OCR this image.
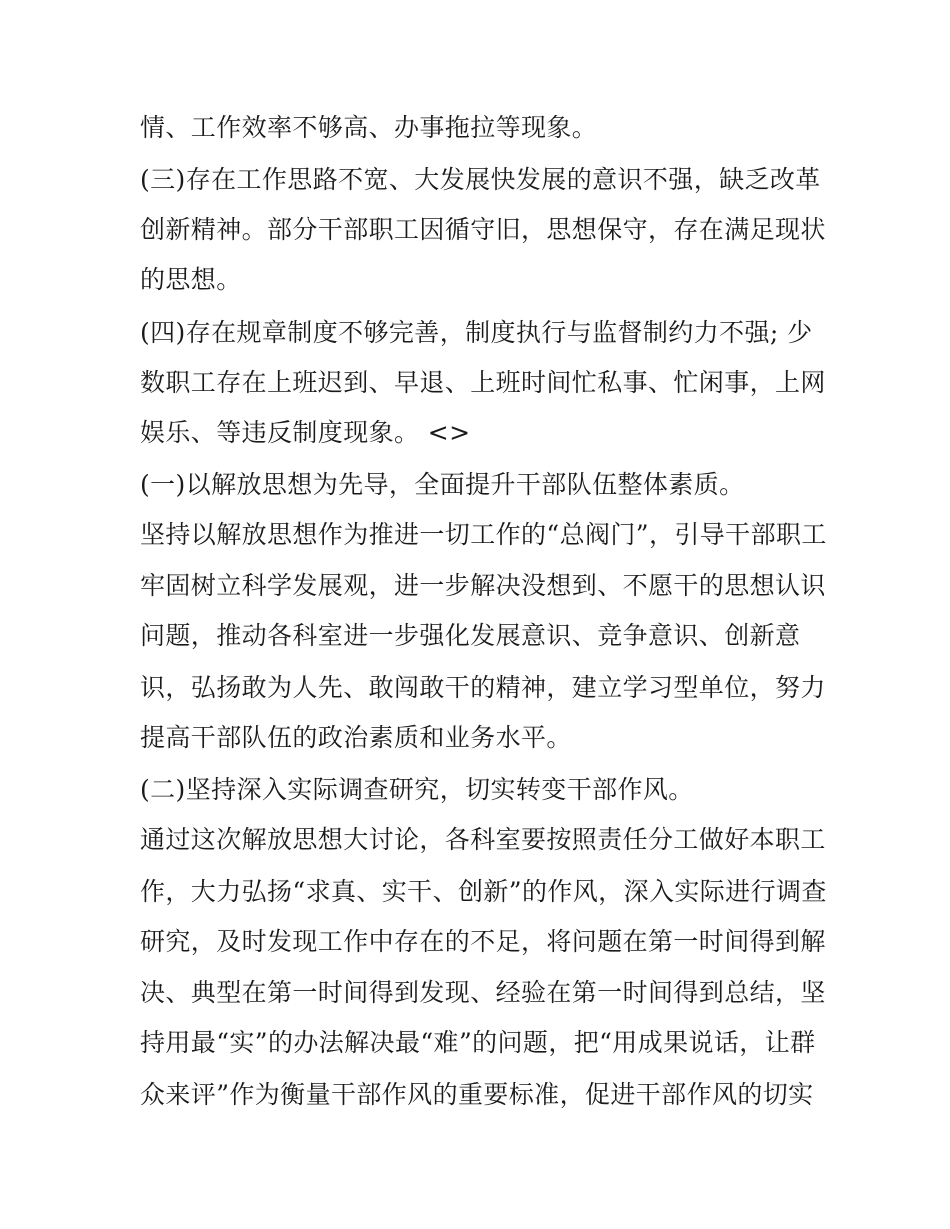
情、工作效率不够高、办事拖拉等现象。
(三)存在工作思路不宽、大发展快发展的意识不强，缺乏改革
创新精神。部分干部职工因循守旧，思想保守，存在满足现状
的思想。
(四)存在规章制度不够完善，制度执行与监督制约力不强; 少
数职工存在上班迟到、早退、上班时间忙私事、忙闲事，上网
娱乐、等违反制度现象。 <>
(一)以解放思想为先导，全面提升干部队伍整体素质。
坚持以解放思想作为推进一切工作的“总阀门”，引导干部职工
牢固树立科学发展观，进一步解决没想到、不愿干的思想认识
问题，推动各科室进一步强化发展意识、竞争意识、创新意
识，弘扬敢为人先、敢闯敢干的精神，建立学习型单位，努力
提高干部队伍的政治素质和业务水平。
(二)坚持深入实际调查研究，切实转变干部作风。
通过这次解放思想大讨论，各科室要按照责任分工做好本职工
作，大力弘扬“求真、实干、创新”的作风，深入实际进行调查
研究，及时发现工作中存在的不足，将问题在第一时间得到解
决、典型在第一时间得到发现、经验在第一时间得到总结，坚
持用最“实”的办法解决最“难”的问题，把“用成果说话，让群
众来评”作为衡量干部作风的重要标准，促进干部作风的切实
